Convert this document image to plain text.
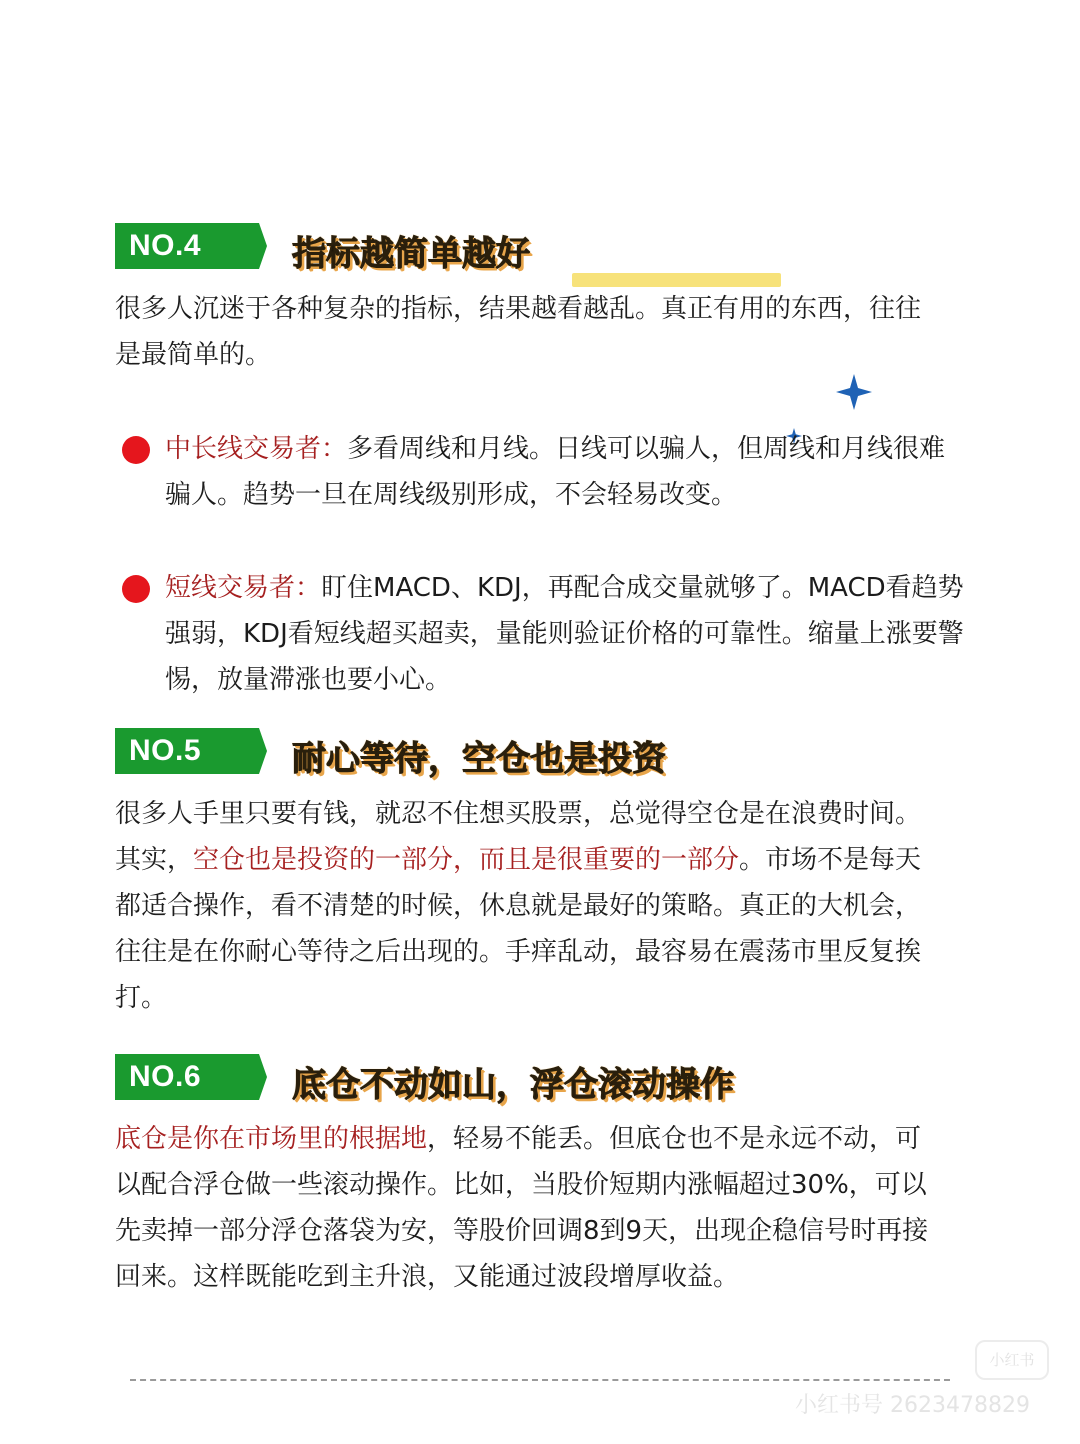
NO.4	指标越简单越好

很多人沉迷于各种复杂的指标，结果越看越乱。真正有用的东西，往往是最简单的。

中长线交易者：多看周线和月线。日线可以骗人，但周线和月线很难骗人。趋势一旦在周线级别形成，不会轻易改变。

短线交易者：盯住MACD、KDJ，再配合成交量就够了。MACD看趋势强弱，KDJ看短线超买超卖，量能则验证价格的可靠性。缩量上涨要警惕，放量滞涨也要小心。

NO.5	耐心等待，空仓也是投资

很多人手里只要有钱，就忍不住想买股票，总觉得空仓是在浪费时间。其实，空仓也是投资的一部分，而且是很重要的一部分。市场不是每天都适合操作，看不清楚的时候，休息就是最好的策略。真正的大机会，往往是在你耐心等待之后出现的。手痒乱动，最容易在震荡市里反复挨打。

NO.6	底仓不动如山，浮仓滚动操作

底仓是你在市场里的根据地，轻易不能丢。但底仓也不是永远不动，可以配合浮仓做一些滚动操作。比如，当股价短期内涨幅超过30%，可以先卖掉一部分浮仓落袋为安，等股价回调8到9天，出现企稳信号时再接回来。这样既能吃到主升浪，又能通过波段增厚收益。

小红书
小红书号 2623478829
